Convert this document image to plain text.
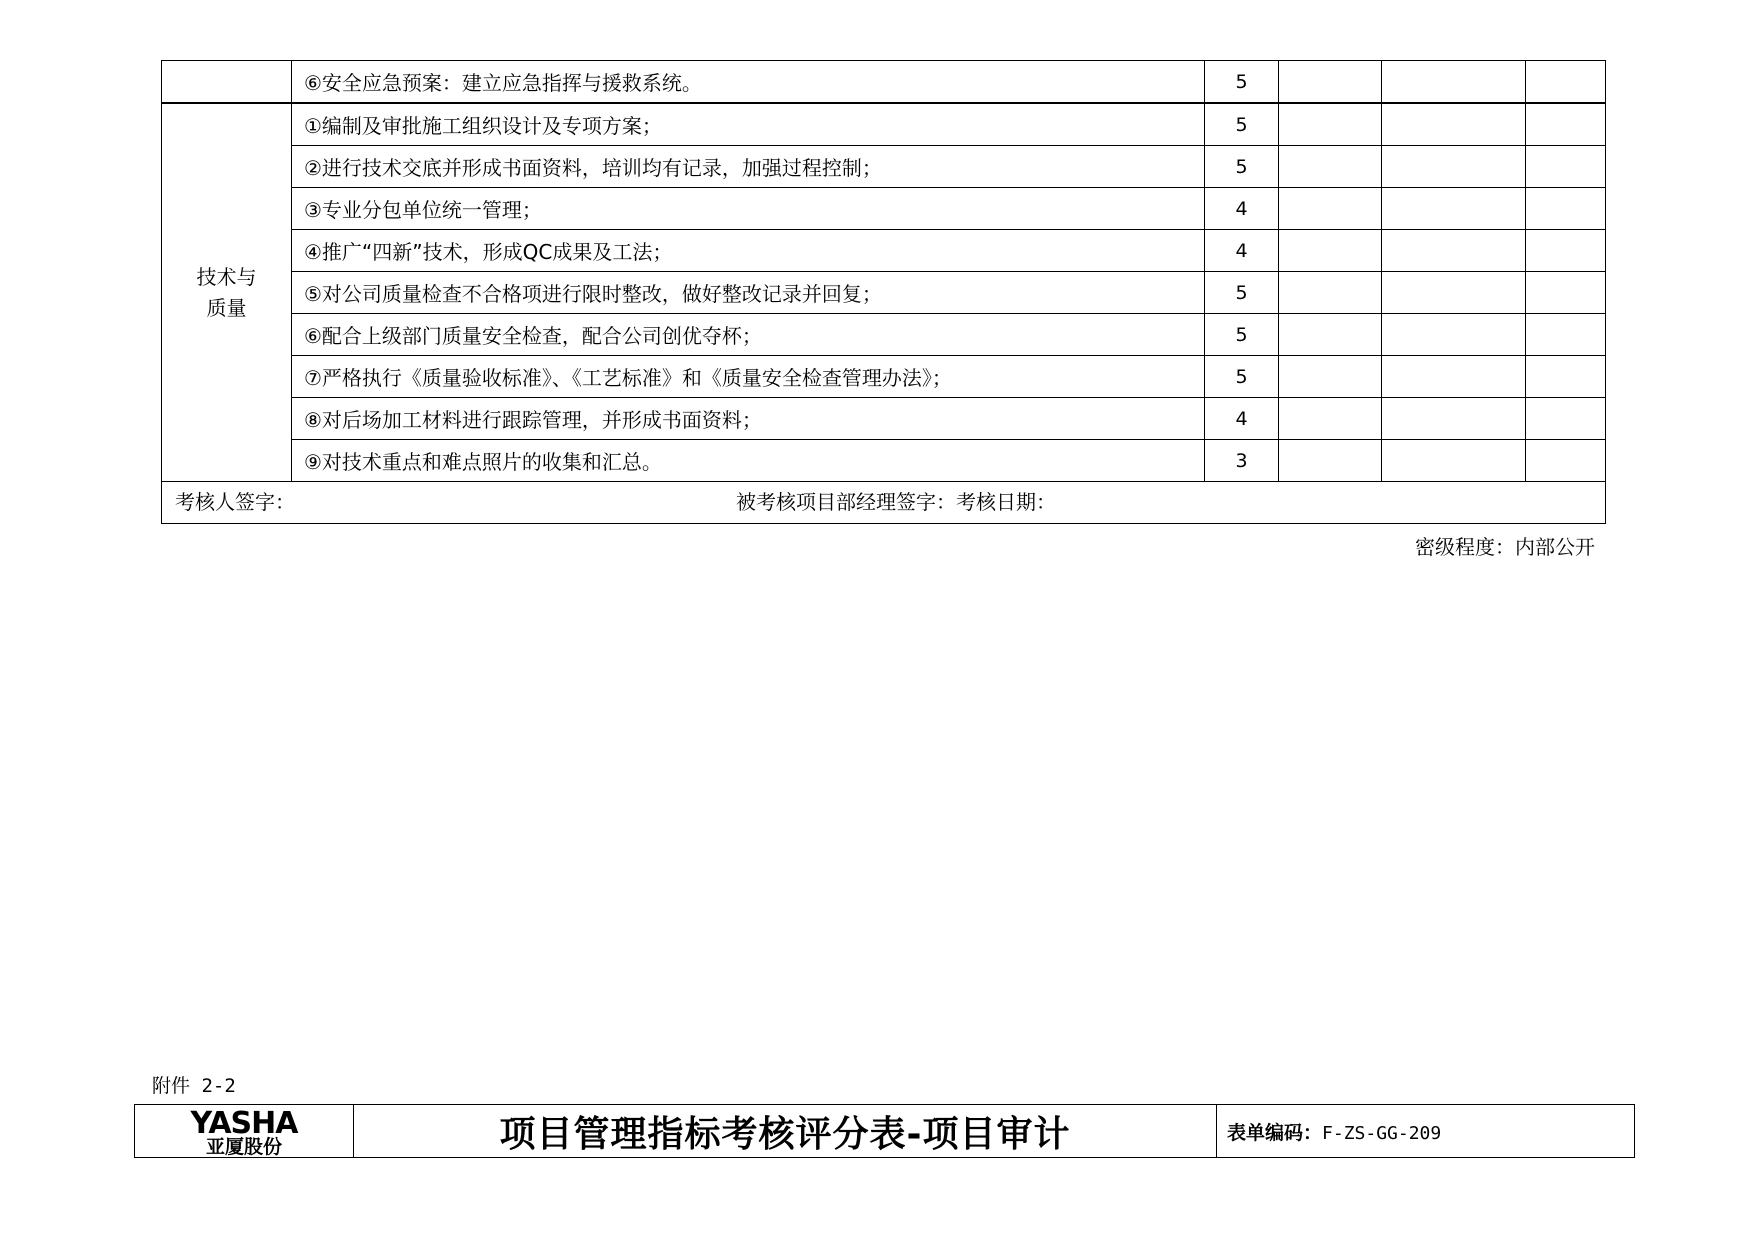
	⑥安全应急预案：建立应急指挥与援救系统。	5			
技术与
质量	①编制及审批施工组织设计及专项方案；	5			
	②进行技术交底并形成书面资料，培训均有记录，加强过程控制；	5			
	③专业分包单位统一管理；	4			
	④推广“四新”技术，形成QC成果及工法；	4			
	⑤对公司质量检查不合格项进行限时整改，做好整改记录并回复；	5			
	⑥配合上级部门质量安全检查，配合公司创优夺杯；	5			
	⑦严格执行《质量验收标准》、《工艺标准》和《质量安全检查管理办法》；	5			
	⑧对后场加工材料进行跟踪管理，并形成书面资料；	4			
	⑨对技术重点和难点照片的收集和汇总。	3			

考核人签字： 被考核项目部经理签字：考核日期：					
密级程度：内部公开
附件 2-2
YASHA
亚厦股份	项目管理指标考核评分表-项目审计	表单编码：F-ZS-GG-209
